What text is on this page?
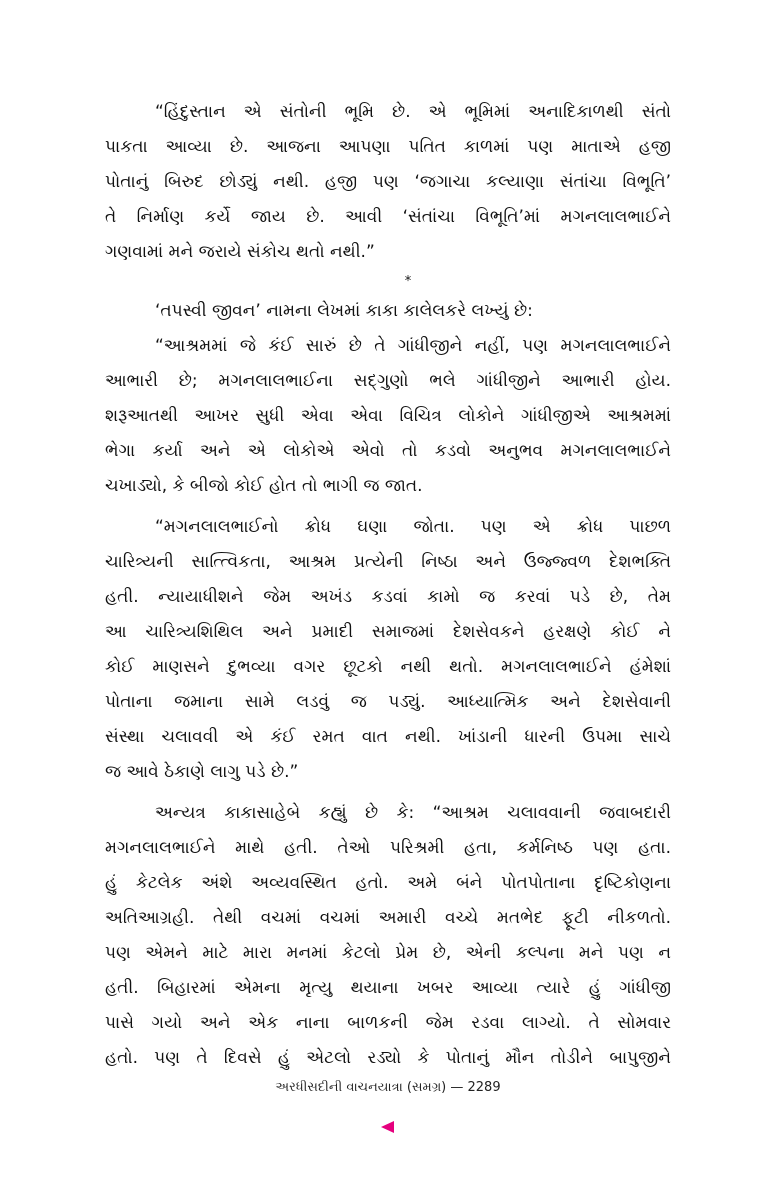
“હિંદુસ્તાન એ સંતોની ભૂમિ છે. એ ભૂમિમાં અનાદિકાળથી સંતો
પાકતા આવ્યા છે. આજના આપણા પતિત કાળમાં પણ માતાએ હજી
પોતાનું બિરુદ છોડ્યું નથી. હજી પણ ‘જગાચા કલ્યાણા સંતાંચા વિભૂતિ’
તે નિર્માણ કર્યે જાય છે. આવી ‘સંતાંચા વિભૂતિ’માં મગનલાલભાઈને
ગણવામાં મને જરાયે સંકોચ થતો નથી.”
*
‘તપસ્વી જીવન’ નામના લેખમાં કાકા કાલેલકરે લખ્યું છે:
“આશ્રમમાં જે કંઈ સારું છે તે ગાંધીજીને નહીં, પણ મગનલાલભાઈને
આભારી છે; મગનલાલભાઈના સદ્‌ગુણો ભલે ગાંધીજીને આભારી હોય.
શરૂઆતથી આખર સુધી એવા એવા વિચિત્ર લોકોને ગાંધીજીએ આશ્રમમાં
ભેગા કર્યા અને એ લોકોએ એવો તો કડવો અનુભવ મગનલાલભાઈને
ચખાડ્યો, કે બીજો કોઈ હોત તો ભાગી જ જાત.
“મગનલાલભાઈનો ક્રોધ ઘણા જોતા. પણ એ ક્રોધ પાછળ
ચારિત્ર્યની સાત્ત્વિકતા, આશ્રમ પ્રત્યેની નિષ્ઠા અને ઉજ્જ્વળ દેશભક્તિ
હતી. ન્યાયાધીશને જેમ અખંડ કડવાં કામો જ કરવાં પડે છે, તેમ
આ ચારિત્ર્યશિથિલ અને પ્રમાદી સમાજમાં દેશસેવકને હરક્ષણે કોઈ ને
કોઈ માણસને દુભવ્યા વગર છૂટકો નથી થતો. મગનલાલભાઈને હંમેશાં
પોતાના જમાના સામે લડવું જ પડ્યું. આધ્યાત્મિક અને દેશસેવાની
સંસ્થા ચલાવવી એ કંઈ રમત વાત નથી. ખાંડાની ધારની ઉપમા સાચે
જ આવે ઠેકાણે લાગુ પડે છે.”
અન્યત્ર કાકાસાહેબે કહ્યું છે કે: “આશ્રમ ચલાવવાની જવાબદારી
મગનલાલભાઈને માથે હતી. તેઓ પરિશ્રમી હતા, કર્મનિષ્ઠ પણ હતા.
હું કેટલેક અંશે અવ્યવસ્થિત હતો. અમે બંને પોતપોતાના દૃષ્ટિકોણના
અતિઆગ્રહી. તેથી વચમાં વચમાં અમારી વચ્ચે મતભેદ ફૂટી નીકળતો.
પણ એમને માટે મારા મનમાં કેટલો પ્રેમ છે, એની કલ્પના મને પણ ન
હતી. બિહારમાં એમના મૃત્યુ થયાના ખબર આવ્યા ત્યારે હું ગાંધીજી
પાસે ગયો અને એક નાના બાળકની જેમ રડવા લાગ્યો. તે સોમવાર
હતો. પણ તે દિવસે હું એટલો રડ્યો કે પોતાનું મૌન તોડીને બાપુજીને
અરધીસદીની વાચનયાત્રા (સમગ્ર) — 2289
